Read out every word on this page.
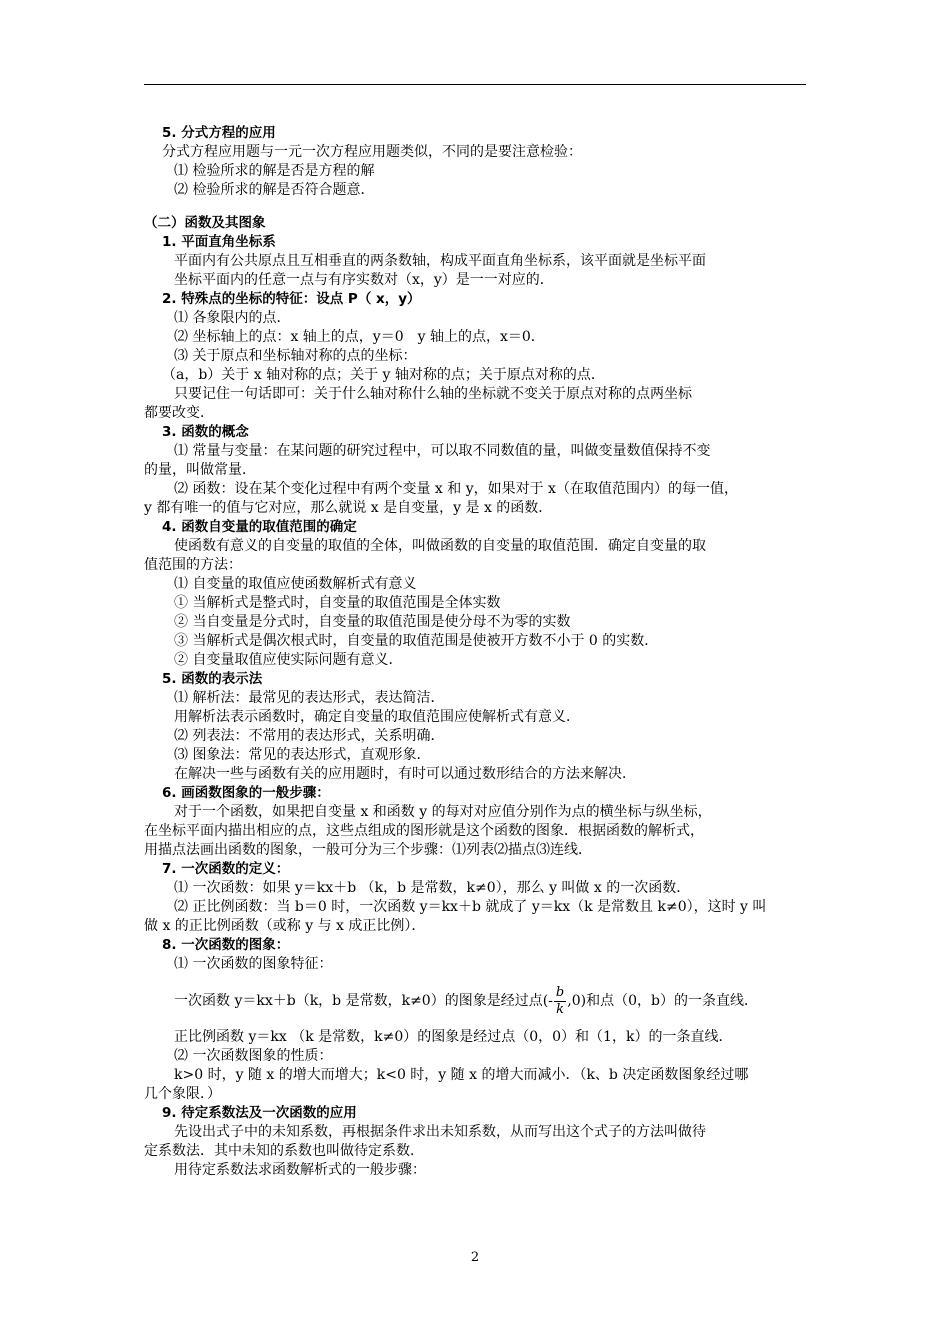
5. 分式方程的应用
分式方程应用题与一元一次方程应用题类似，不同的是要注意检验：
⑴ 检验所求的解是否是方程的解
⑵ 检验所求的解是否符合题意．
（二）函数及其图象
1. 平面直角坐标系
平面内有公共原点且互相垂直的两条数轴，构成平面直角坐标系，该平面就是坐标平面
坐标平面内的任意一点与有序实数对（x，y）是一一对应的．
2. 特殊点的坐标的特征：设点 P（ x，y）
⑴ 各象限内的点．
⑵ 坐标轴上的点：x 轴上的点，y＝0　y 轴上的点，x＝0．
⑶ 关于原点和坐标轴对称的点的坐标：
（a，b）关于 x 轴对称的点；关于 y 轴对称的点；关于原点对称的点．
只要记住一句话即可：关于什么轴对称什么轴的坐标就不变关于原点对称的点两坐标
都要改变．
3. 函数的概念
⑴ 常量与变量：在某问题的研究过程中，可以取不同数值的量，叫做变量数值保持不变
的量，叫做常量．
⑵ 函数：设在某个变化过程中有两个变量 x 和 y，如果对于 x（在取值范围内）的每一值，
y 都有唯一的值与它对应，那么就说 x 是自变量，y 是 x 的函数．
4. 函数自变量的取值范围的确定
使函数有意义的自变量的取值的全体，叫做函数的自变量的取值范围．确定自变量的取
值范围的方法：
⑴ 自变量的取值应使函数解析式有意义
① 当解析式是整式时，自变量的取值范围是全体实数
② 当自变量是分式时，自变量的取值范围是使分母不为零的实数
③ 当解析式是偶次根式时，自变量的取值范围是使被开方数不小于 0 的实数．
② 自变量取值应使实际问题有意义．
5. 函数的表示法
⑴ 解析法：最常见的表达形式，表达简洁．
用解析法表示函数时，确定自变量的取值范围应使解析式有意义．
⑵ 列表法：不常用的表达形式，关系明确．
⑶ 图象法：常见的表达形式，直观形象．
在解决一些与函数有关的应用题时，有时可以通过数形结合的方法来解决．
6. 画函数图象的一般步骤：
对于一个函数，如果把自变量 x 和函数 y 的每对对应值分别作为点的横坐标与纵坐标，
在坐标平面内描出相应的点，这些点组成的图形就是这个函数的图象．根据函数的解析式，
用描点法画出函数的图象，一般可分为三个步骤：⑴列表⑵描点⑶连线．
7. 一次函数的定义：
⑴ 一次函数：如果 y＝kx＋b （k，b 是常数，k≠0），那么 y 叫做 x 的一次函数．
⑵ 正比例函数：当 b＝0 时，一次函数 y＝kx＋b 就成了 y＝kx（k 是常数且 k≠0），这时 y 叫
做 x 的正比例函数（或称 y 与 x 成正比例）．
8. 一次函数的图象：
⑴ 一次函数的图象特征：
一次函数 y＝kx＋b（k，b 是常数，k≠0）的图象是经过点 (- $\frac{b}{k} ,0$) 和点（0，b）的一条直线．
正比例函数 y＝kx （k 是常数，k≠0）的图象是经过点（0，0）和（1，k）的一条直线．
⑵ 一次函数图象的性质：
k>0 时，y 随 x 的增大而增大；k<0 时，y 随 x 的增大而减小．（k、b 决定函数图象经过哪
几个象限．）
9. 待定系数法及一次函数的应用
先设出式子中的未知系数，再根据条件求出未知系数，从而写出这个式子的方法叫做待
定系数法．其中未知的系数也叫做待定系数．
用待定系数法求函数解析式的一般步骤：
2
